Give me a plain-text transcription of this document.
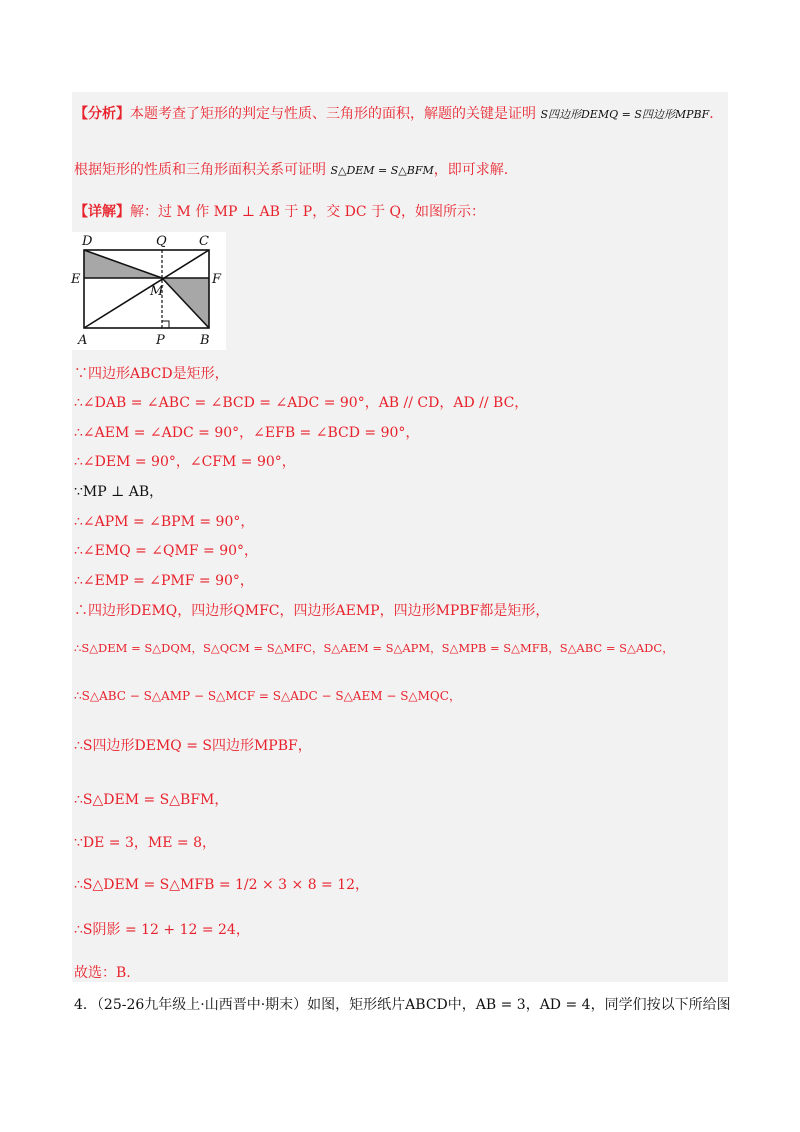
【分析】本题考查了矩形的判定与性质、三角形的面积，解题的关键是证明 S四边形DEMQ = S四边形MPBF.
根据矩形的性质和三角形面积关系可证明 S△DEM = S△BFM，即可求解.
【详解】解：过 M 作 MP ⊥ AB 于 P，交 DC 于 Q，如图所示：
D	Q C
E	F
M
A	P	B
∵四边形ABCD是矩形，
∴∠DAB = ∠ABC = ∠BCD = ∠ADC = 90°，AB // CD，AD // BC，
∴∠AEM = ∠ADC = 90°，∠EFB = ∠BCD = 90°，
∴∠DEM = 90°，∠CFM = 90°，
∵MP ⊥ AB，
∴∠APM = ∠BPM = 90°，
∴∠EMQ = ∠QMF = 90°，
∴∠EMP = ∠PMF = 90°，
∴四边形DEMQ，四边形QMFC，四边形AEMP，四边形MPBF都是矩形，
∴S△DEM = S△DQM，S△QCM = S△MFC，S△AEM = S△APM，S△MPB = S△MFB，S△ABC = S△ADC，
∴S△ABC − S△AMP − S△MCF = S△ADC − S△AEM − S△MQC，
∴S四边形DEMQ = S四边形MPBF，
∴S△DEM = S△BFM，
∵DE = 3，ME = 8，
∴S△DEM = S△MFB = 1/2 × 3 × 8 = 12，
∴S阴影 = 12 + 12 = 24，
故选：B.
4．（25-26九年级上·山西晋中·期末）如图，矩形纸片ABCD中，AB = 3，AD = 4，同学们按以下所给图
